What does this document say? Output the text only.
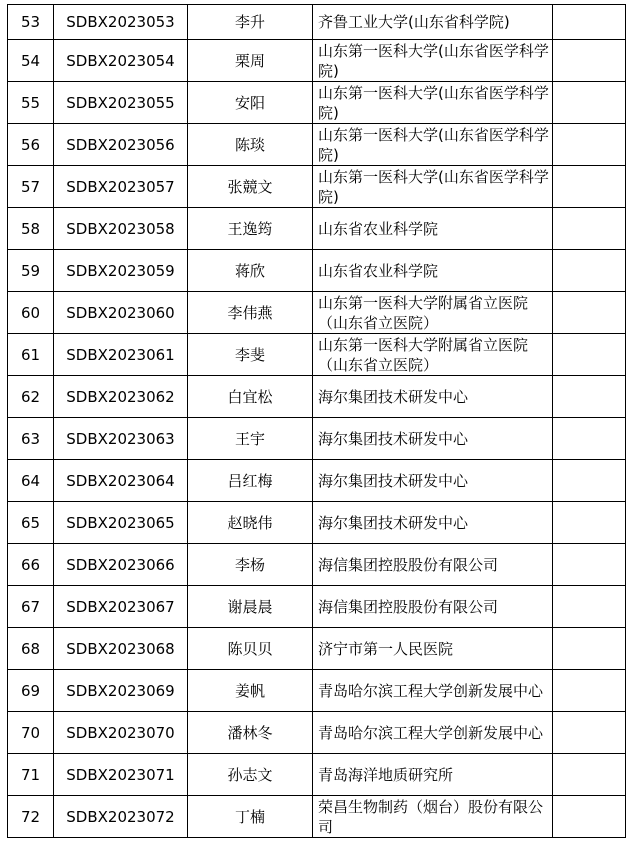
53	SDBX2023053	李升	齐鲁工业大学(山东省科学院)	
54	SDBX2023054	栗周	山东第一医科大学(山东省医学科学院)	
55	SDBX2023055	安阳	山东第一医科大学(山东省医学科学院)	
56	SDBX2023056	陈琰	山东第一医科大学(山东省医学科学院)	
57	SDBX2023057	张競文	山东第一医科大学(山东省医学科学院)	
58	SDBX2023058	王逸筠	山东省农业科学院	
59	SDBX2023059	蒋欣	山东省农业科学院	
60	SDBX2023060	李伟燕	山东第一医科大学附属省立医院（山东省立医院）	
61	SDBX2023061	李斐	山东第一医科大学附属省立医院（山东省立医院）	
62	SDBX2023062	白宜松	海尔集团技术研发中心	
63	SDBX2023063	王宇	海尔集团技术研发中心	
64	SDBX2023064	吕红梅	海尔集团技术研发中心	
65	SDBX2023065	赵晓伟	海尔集团技术研发中心	
66	SDBX2023066	李杨	海信集团控股股份有限公司	
67	SDBX2023067	谢晨晨	海信集团控股股份有限公司	
68	SDBX2023068	陈贝贝	济宁市第一人民医院	
69	SDBX2023069	姜帆	青岛哈尔滨工程大学创新发展中心	
70	SDBX2023070	潘林冬	青岛哈尔滨工程大学创新发展中心	
71	SDBX2023071	孙志文	青岛海洋地质研究所	
72	SDBX2023072	丁楠	荣昌生物制药（烟台）股份有限公司	
